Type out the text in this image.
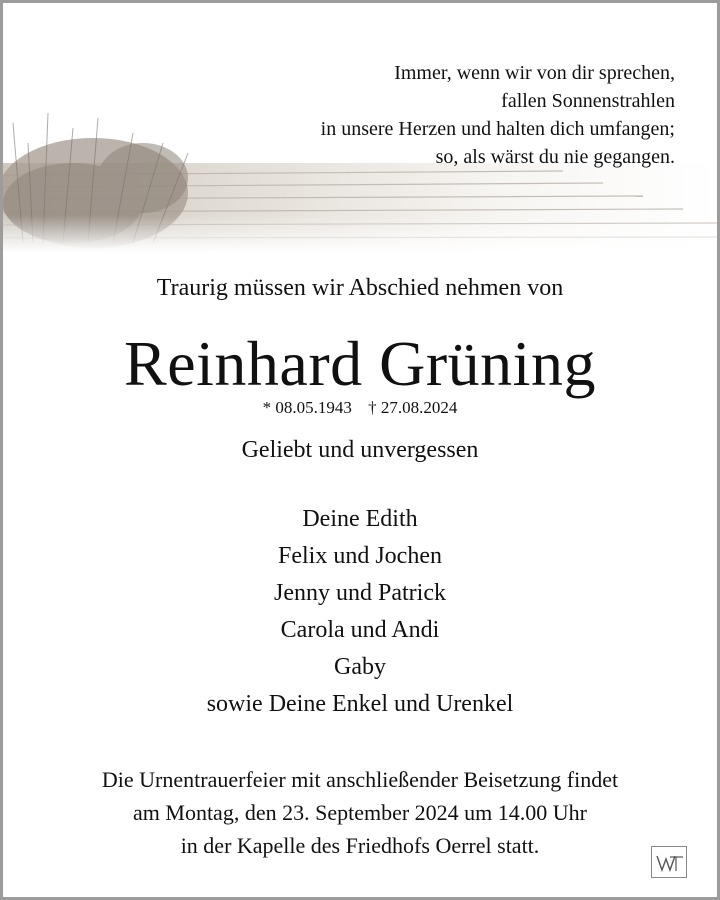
Immer, wenn wir von dir sprechen,
fallen Sonnenstrahlen
in unsere Herzen und halten dich umfangen;
so, als wärst du nie gegangen.
Traurig müssen wir Abschied nehmen von
Reinhard Grüning
* 08.05.1943 † 27.08.2024
Geliebt und unvergessen
Deine Edith
Felix und Jochen
Jenny und Patrick
Carola und Andi
Gaby
sowie Deine Enkel und Urenkel
Die Urnentrauerfeier mit anschließender Beisetzung findet
am Montag, den 23. September 2024 um 14.00 Uhr
in der Kapelle des Friedhofs Oerrel statt.
